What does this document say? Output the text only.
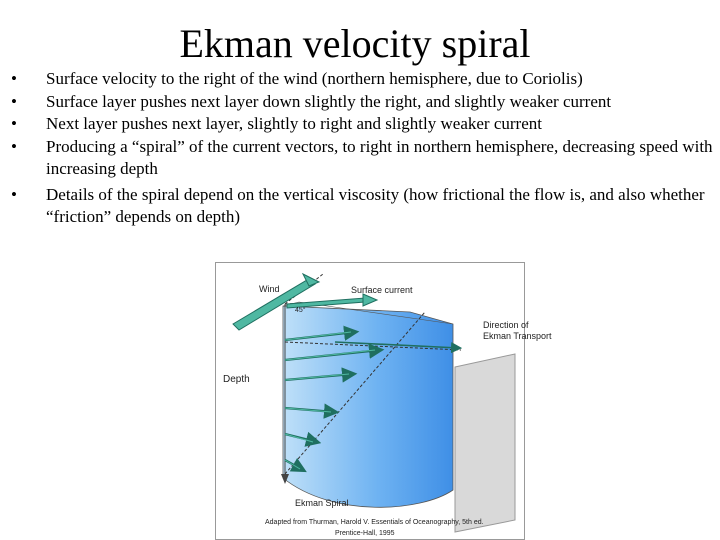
Ekman velocity spiral
•	Surface velocity to the right of the wind (northern hemisphere, due to Coriolis)
•	Surface layer pushes next layer down slightly the right, and slightly weaker current
•	Next layer pushes next layer, slightly to right and slightly weaker current
•	Producing a “spiral” of the current vectors, to right in northern hemisphere, decreasing speed with increasing depth
•	Details of the spiral depend on the vertical viscosity (how frictional the flow is, and also whether “friction” depends on depth)
Wind
45°
Surface current
Direction of
Ekman Transport
Depth
Ekman Spiral
Adapted from Thurman, Harold V. Essentials of Oceanography, 5th ed.
Prentice-Hall, 1995
